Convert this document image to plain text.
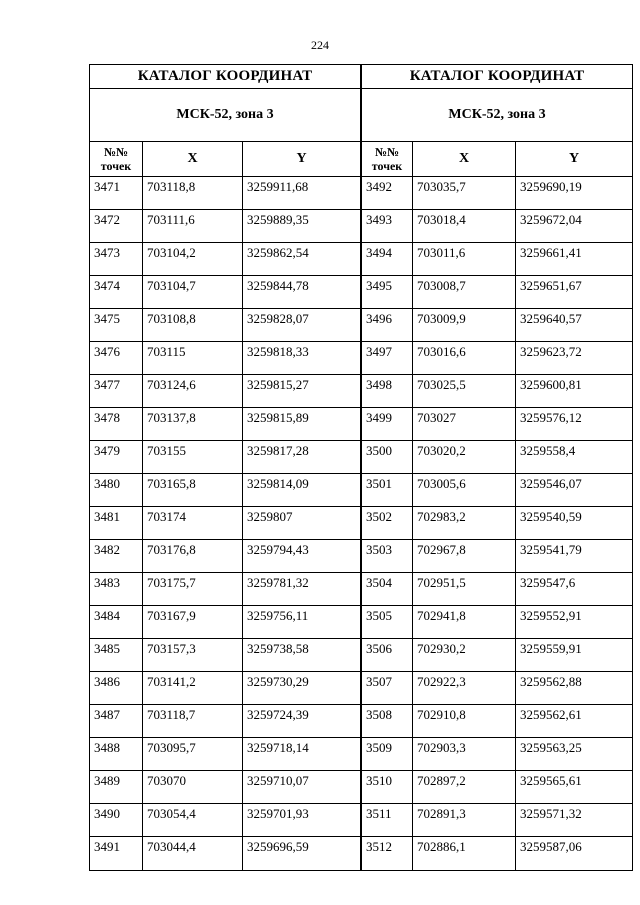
224
КАТАЛОГ КООРДИНАТ		
МСК-52, зона 3		

№№
точек	X	Y
3471	703118,8	3259911,68
3472	703111,6	3259889,35
3473	703104,2	3259862,54
3474	703104,7	3259844,78
3475	703108,8	3259828,07
3476	703115	3259818,33
3477	703124,6	3259815,27
3478	703137,8	3259815,89
3479	703155	3259817,28
3480	703165,8	3259814,09
3481	703174	3259807
3482	703176,8	3259794,43
3483	703175,7	3259781,32
3484	703167,9	3259756,11
3485	703157,3	3259738,58
3486	703141,2	3259730,29
3487	703118,7	3259724,39
3488	703095,7	3259718,14
3489	703070	3259710,07
3490	703054,4	3259701,93
3491	703044,4	3259696,59
КАТАЛОГ КООРДИНАТ		
МСК-52, зона 3		

№№
точек	X	Y
3492	703035,7	3259690,19
3493	703018,4	3259672,04
3494	703011,6	3259661,41
3495	703008,7	3259651,67
3496	703009,9	3259640,57
3497	703016,6	3259623,72
3498	703025,5	3259600,81
3499	703027	3259576,12
3500	703020,2	3259558,4
3501	703005,6	3259546,07
3502	702983,2	3259540,59
3503	702967,8	3259541,79
3504	702951,5	3259547,6
3505	702941,8	3259552,91
3506	702930,2	3259559,91
3507	702922,3	3259562,88
3508	702910,8	3259562,61
3509	702903,3	3259563,25
3510	702897,2	3259565,61
3511	702891,3	3259571,32
3512	702886,1	3259587,06
